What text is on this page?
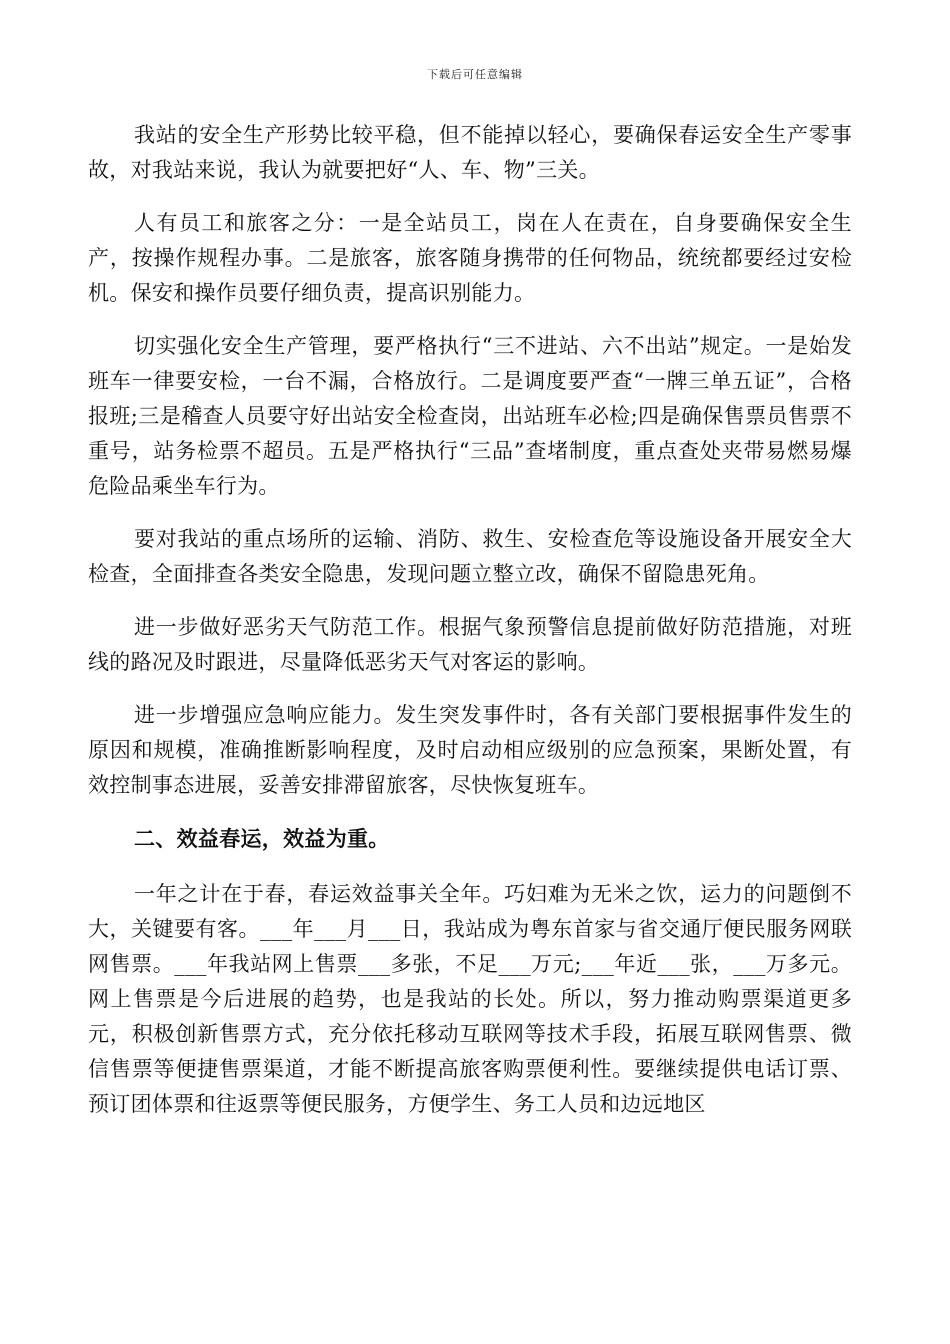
下载后可任意编辑

我站的安全生产形势比较平稳，但不能掉以轻心，要确保春运安全生产零事故，对我站来说，我认为就要把好“人、车、物”三关。

人有员工和旅客之分：一是全站员工，岗在人在责在，自身要确保安全生产，按操作规程办事。二是旅客，旅客随身携带的任何物品，统统都要经过安检机。保安和操作员要仔细负责，提高识别能力。

切实强化安全生产管理，要严格执行“三不进站、六不出站”规定。一是始发班车一律要安检，一台不漏，合格放行。二是调度要严查“一牌三单五证”，合格报班;三是稽查人员要守好出站安全检查岗，出站班车必检;四是确保售票员售票不重号，站务检票不超员。五是严格执行“三品”查堵制度，重点查处夹带易燃易爆危险品乘坐车行为。

要对我站的重点场所的运输、消防、救生、安检查危等设施设备开展安全大检查，全面排查各类安全隐患，发现问题立整立改，确保不留隐患死角。

进一步做好恶劣天气防范工作。根据气象预警信息提前做好防范措施，对班线的路况及时跟进，尽量降低恶劣天气对客运的影响。

进一步增强应急响应能力。发生突发事件时，各有关部门要根据事件发生的原因和规模，准确推断影响程度，及时启动相应级别的应急预案，果断处置，有效控制事态进展，妥善安排滞留旅客，尽快恢复班车。

二、效益春运，效益为重。

一年之计在于春，春运效益事关全年。巧妇难为无米之饮，运力的问题倒不大，关键要有客。___年___月___日，我站成为粤东首家与省交通厅便民服务网联网售票。___年我站网上售票___多张，不足___万元;___年近___张，___万多元。网上售票是今后进展的趋势，也是我站的长处。所以，努力推动购票渠道更多元，积极创新售票方式，充分依托移动互联网等技术手段，拓展互联网售票、微信售票等便捷售票渠道，才能不断提高旅客购票便利性。要继续提供电话订票、预订团体票和往返票等便民服务，方便学生、务工人员和边远地区
